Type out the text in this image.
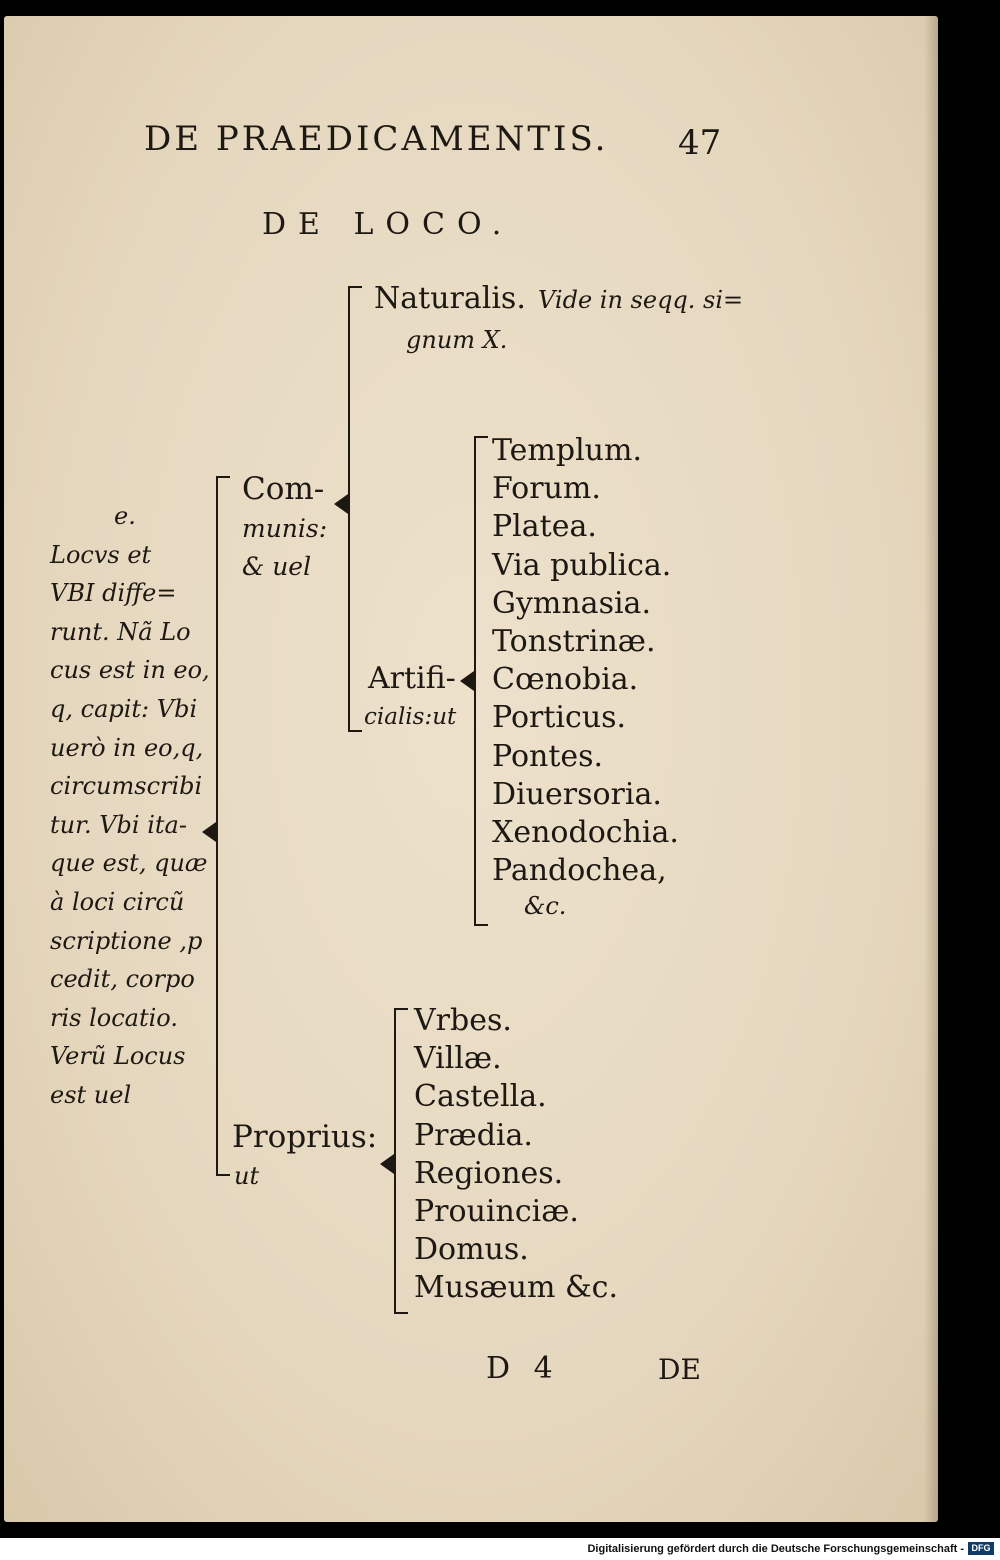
DE PRAEDICAMENTIS. 47
DE LOCO.
e.
Locvs et
VBI diffe=
runt. Nã Lo
cus est in eo,
q, capit: Vbi
uerò in eo,q,
circumscribi
tur. Vbi ita-
que est, quæ
à loci circũ
scriptione ,p
cedit, corpo
ris locatio.
Verũ Locus
est uel
Com-
munis:
& uel
Naturalis. Vide in seqq. si=
gnum X.
Artifi-
cialis:ut
Templum.
Forum.
Platea.
Via publica.
Gymnasia.
Tonstrinæ.
Cœnobia.
Porticus.
Pontes.
Diuersoria.
Xenodochia.
Pandochea,
&c.
Proprius:
ut
Vrbes.
Villæ.
Castella.
Prædia.
Regiones.
Prouinciæ.
Domus.
Musæum &c.
D 4	DE
Digitalisierung gefördert durch die Deutsche Forschungsgemeinschaft - DFG
